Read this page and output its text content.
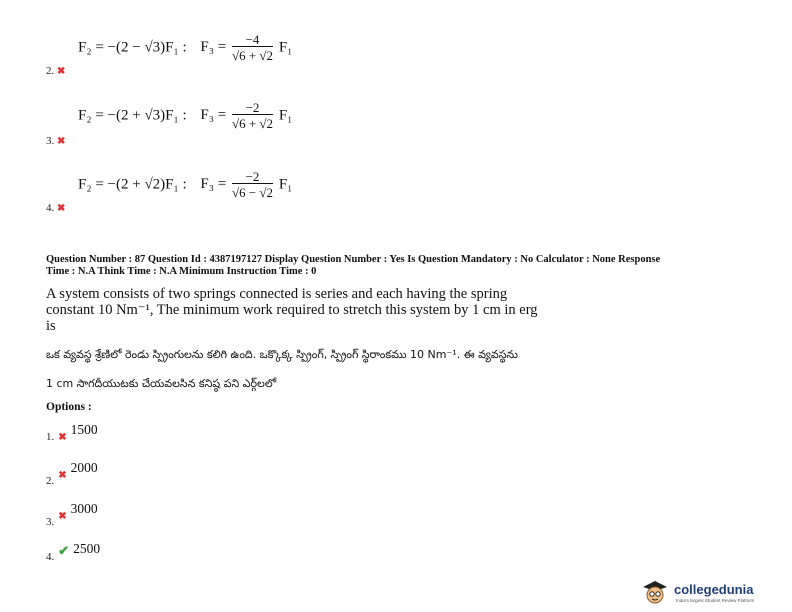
F₂ = −(2 − √3)F₁ : $F_3 = \frac{-4}{√6 + √2} F_1$
2. ✖
F₂ = −(2 + √3)F₁ : $F_3 = \frac{-2}{√6 + √2} F_1$
3. ✖
F₂ = −(2 + √2)F₁ : $F_3 = \frac{-2}{√6 - √2} F_1$
4. ✖
Question Number : 87 Question Id : 4387197127 Display Question Number : Yes Is Question Mandatory : No Calculator : None Response
Time : N.A Think Time : N.A Minimum Instruction Time : 0
A system consists of two springs connected is series and each having the spring
constant 10 Nm⁻¹, The minimum work required to stretch this system by 1 cm in erg
is
ఒక వ్యవస్థ శ్రేణిలో రెండు స్ప్రింగులను కలిగి ఉంది. ఒక్కొక్క స్ప్రింగ్, స్ప్రింగ్ స్థిరాంకము 10 Nm⁻¹. ఈ వ్యవస్థను
1 cm సాగదీయుటకు చేయవలసిన కనిష్ఠ పని ఎర్గ్‌లలో
Options :
$_{1.}$ $_✖$ 1500
$_{2.}$ $_✖$ 2000
$_{3.}$ $_✖$ 3000
$_{4.}$ ✔ 2500
collegedunia
India's largest Student Review Platform
